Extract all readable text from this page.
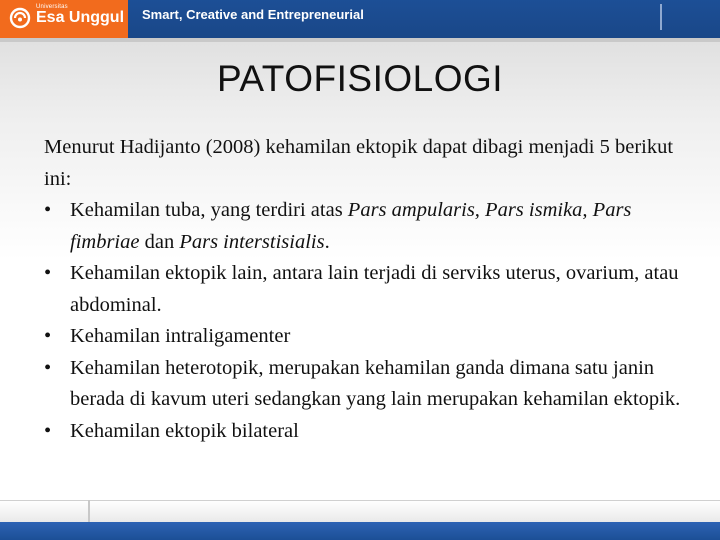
Universitas
Esa Unggul Smart, Creative and Entrepreneurial
PATOFISIOLOGI

Menurut Hadijanto (2008) kehamilan ektopik dapat dibagi menjadi 5 berikut ini:

• Kehamilan tuba, yang terdiri atas Pars ampularis, Pars ismika, Pars fimbriae dan Pars interstisialis.
• Kehamilan ektopik lain, antara lain terjadi di serviks uterus, ovarium, atau abdominal.
• Kehamilan intraligamenter
• Kehamilan heterotopik, merupakan kehamilan ganda dimana satu janin berada di kavum uteri sedangkan yang lain merupakan kehamilan ektopik.
• Kehamilan ektopik bilateral
